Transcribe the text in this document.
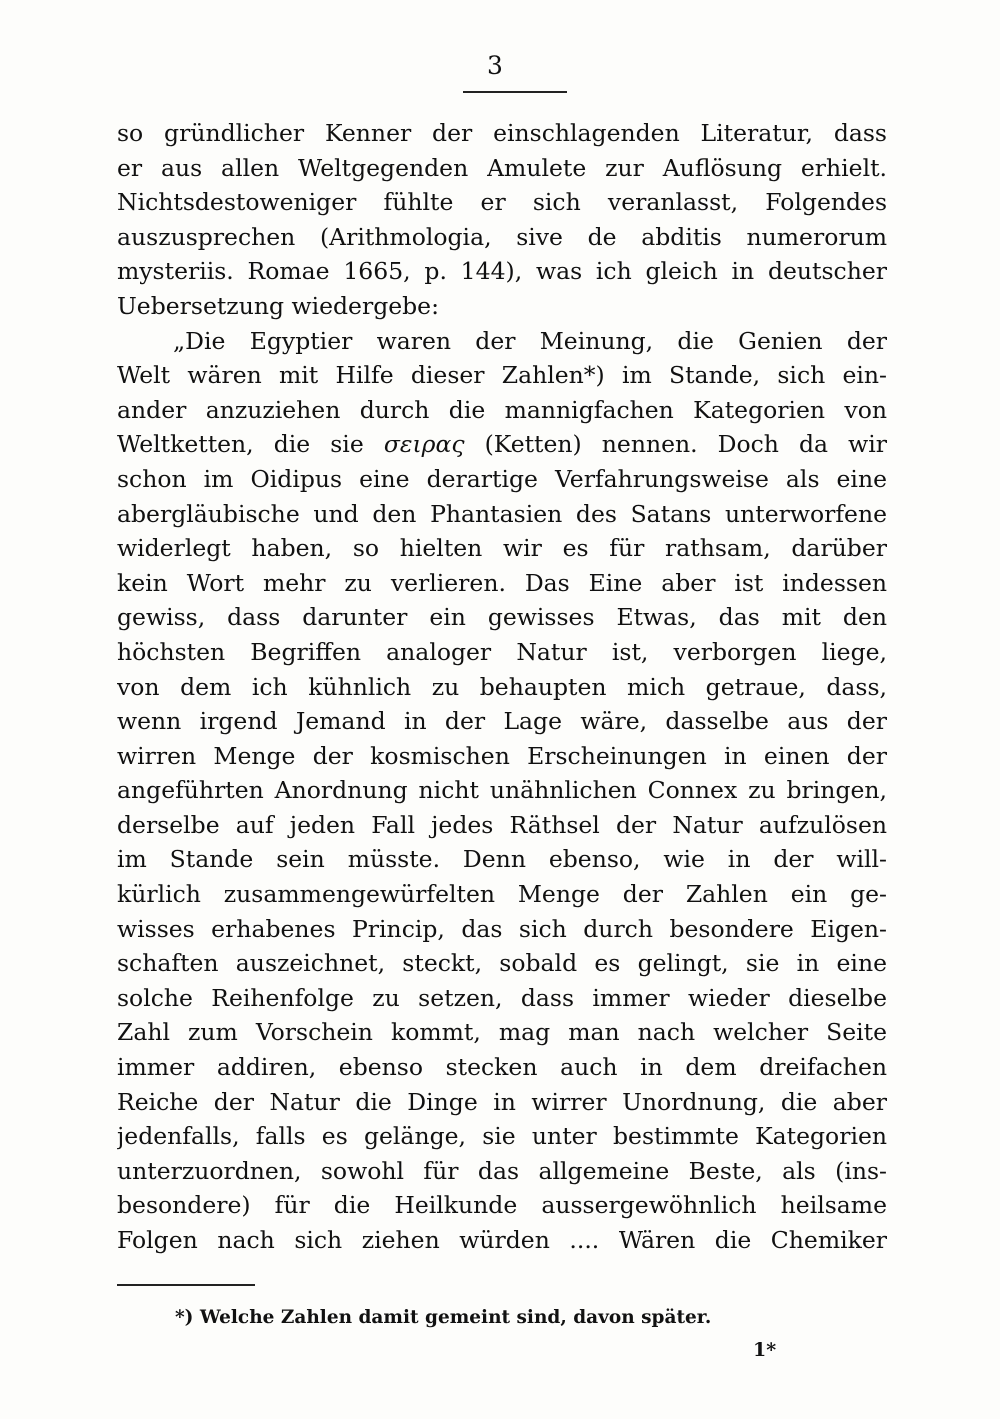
3
so gründlicher Kenner der einschlagenden Literatur, dass
er aus allen Weltgegenden Amulete zur Auflösung erhielt.
Nichtsdestoweniger fühlte er sich veranlasst, Folgendes
auszusprechen (Arithmologia, sive de abditis numerorum
mysteriis. Romae 1665, p. 144), was ich gleich in deutscher
Uebersetzung wiedergebe:
„Die Egyptier waren der Meinung, die Genien der
Welt wären mit Hilfe dieser Zahlen*) im Stande, sich ein-
ander anzuziehen durch die mannigfachen Kategorien von
Weltketten, die sie σειρας (Ketten) nennen. Doch da wir
schon im Oidipus eine derartige Verfahrungsweise als eine
abergläubische und den Phantasien des Satans unterworfene
widerlegt haben, so hielten wir es für rathsam, darüber
kein Wort mehr zu verlieren. Das Eine aber ist indessen
gewiss, dass darunter ein gewisses Etwas, das mit den
höchsten Begriffen analoger Natur ist, verborgen liege,
von dem ich kühnlich zu behaupten mich getraue, dass,
wenn irgend Jemand in der Lage wäre, dasselbe aus der
wirren Menge der kosmischen Erscheinungen in einen der
angeführten Anordnung nicht unähnlichen Connex zu bringen,
derselbe auf jeden Fall jedes Räthsel der Natur aufzulösen
im Stande sein müsste. Denn ebenso, wie in der will-
kürlich zusammengewürfelten Menge der Zahlen ein ge-
wisses erhabenes Princip, das sich durch besondere Eigen-
schaften auszeichnet, steckt, sobald es gelingt, sie in eine
solche Reihenfolge zu setzen, dass immer wieder dieselbe
Zahl zum Vorschein kommt, mag man nach welcher Seite
immer addiren, ebenso stecken auch in dem dreifachen
Reiche der Natur die Dinge in wirrer Unordnung, die aber
jedenfalls, falls es gelänge, sie unter bestimmte Kategorien
unterzuordnen, sowohl für das allgemeine Beste, als (ins-
besondere) für die Heilkunde aussergewöhnlich heilsame
Folgen nach sich ziehen würden .... Wären die Chemiker
*) Welche Zahlen damit gemeint sind, davon später.
1*
